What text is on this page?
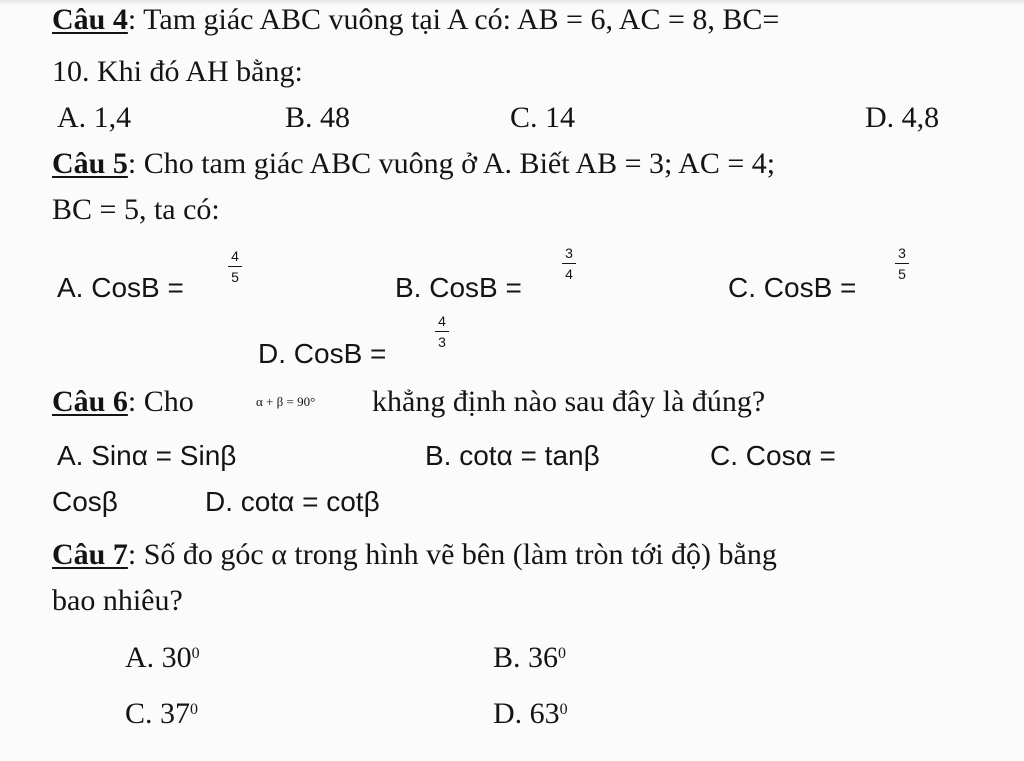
Câu 4: Tam giác ABC vuông tại A có: AB = 6, AC = 8, BC=
10. Khi đó AH bằng:
A. 1,4	B. 48	C. 14	D. 4,8
Câu 5: Cho tam giác ABC vuông ở A. Biết AB = 3; AC = 4;
BC = 5, ta có:
A. CosB =
4
5	B. CosB =
3
4	C. CosB =
3
5
D. CosB =
4
3
Câu 6: Cho	α + β = 90° khẳng định nào sau đây là đúng?
A. Sinα = Sinβ	B. cotα = tanβ	C. Cosα =
Cosβ	D. cotα = cotβ
Câu 7: Số đo góc α trong hình vẽ bên (làm tròn tới độ) bằng
bao nhiêu?
A. $30^0$	B. $36^0$
C. $37^0$	D. $63^0$
